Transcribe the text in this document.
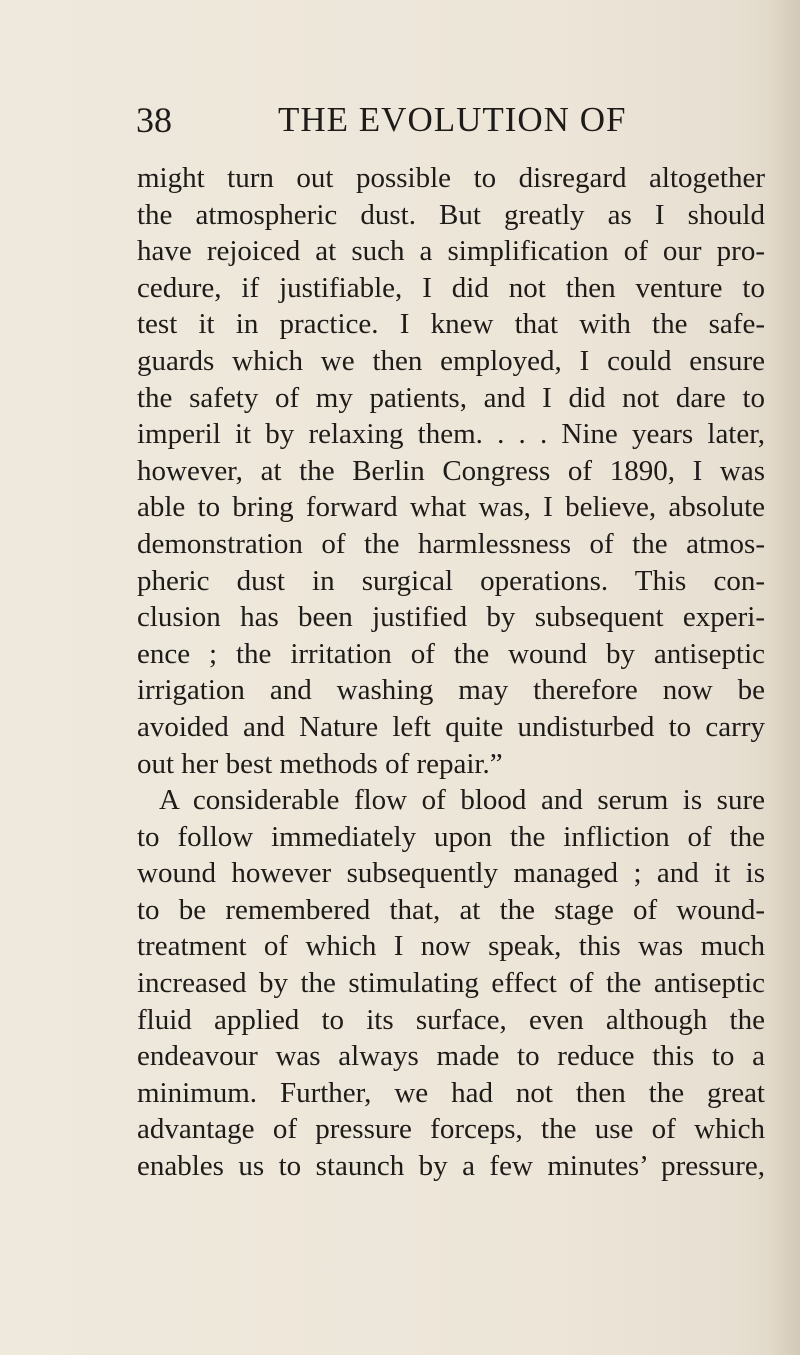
38	THE EVOLUTION OF
might turn out possible to disregard altogether
the atmospheric dust. But greatly as I should
have rejoiced at such a simplification of our pro-
cedure, if justifiable, I did not then venture to
test it in practice. I knew that with the safe-
guards which we then employed, I could ensure
the safety of my patients, and I did not dare to
imperil it by relaxing them. . . . Nine years later,
however, at the Berlin Congress of 1890, I was
able to bring forward what was, I believe, absolute
demonstration of the harmlessness of the atmos-
pheric dust in surgical operations. This con-
clusion has been justified by subsequent experi-
ence ; the irritation of the wound by antiseptic
irrigation and washing may therefore now be
avoided and Nature left quite undisturbed to carry
out her best methods of repair.”
A considerable flow of blood and serum is sure
to follow immediately upon the infliction of the
wound however subsequently managed ; and it is
to be remembered that, at the stage of wound-
treatment of which I now speak, this was much
increased by the stimulating effect of the antiseptic
fluid applied to its surface, even although the
endeavour was always made to reduce this to a
minimum. Further, we had not then the great
advantage of pressure forceps, the use of which
enables us to staunch by a few minutes’ pressure,
